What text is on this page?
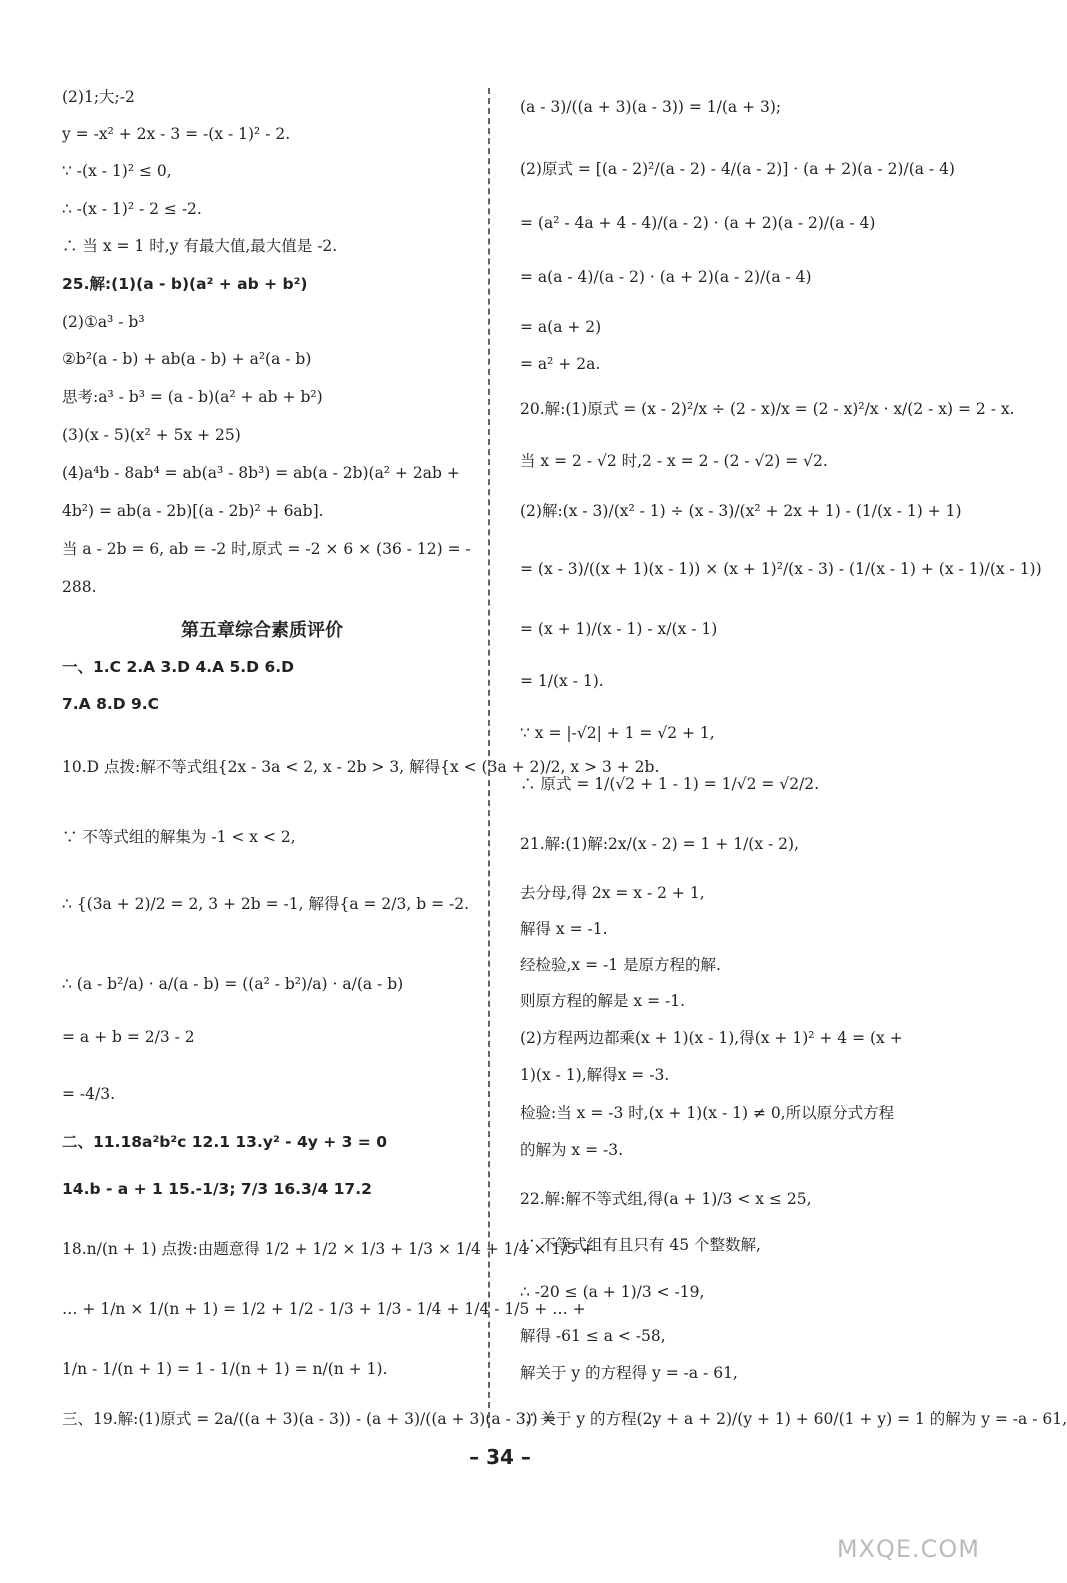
(2)1;大;-2
y = -x² + 2x - 3 = -(x - 1)² - 2.
∵ -(x - 1)² ≤ 0,
∴ -(x - 1)² - 2 ≤ -2.
∴ 当 x = 1 时,y 有最大值,最大值是 -2.
25.解:(1)(a - b)(a² + ab + b²)
(2)①a³ - b³
②b²(a - b) + ab(a - b) + a²(a - b)
思考:a³ - b³ = (a - b)(a² + ab + b²)
(3)(x - 5)(x² + 5x + 25)
(4)a⁴b - 8ab⁴ = ab(a³ - 8b³) = ab(a - 2b)(a² + 2ab +
4b²) = ab(a - 2b)[(a - 2b)² + 6ab].
当 a - 2b = 6, ab = -2 时,原式 = -2 × 6 × (36 - 12) = -
288.
第五章综合素质评价
一、1.C 2.A 3.D 4.A 5.D 6.D
7.A 8.D 9.C
10.D 点拨:解不等式组{2x - 3a < 2, x - 2b > 3, 解得{x < (3a + 2)/2, x > 3 + 2b.
∵ 不等式组的解集为 -1 < x < 2,
∴ {(3a + 2)/2 = 2, 3 + 2b = -1, 解得{a = 2/3, b = -2.
∴ (a - b²/a) · a/(a - b) = ((a² - b²)/a) · a/(a - b)
= a + b = 2/3 - 2
= -4/3.
二、11.18a²b²c 12.1 13.y² - 4y + 3 = 0
14.b - a + 1 15.-1/3; 7/3 16.3/4 17.2
18.n/(n + 1) 点拨:由题意得 1/2 + 1/2 × 1/3 + 1/3 × 1/4 + 1/4 × 1/5 +
… + 1/n × 1/(n + 1) = 1/2 + 1/2 - 1/3 + 1/3 - 1/4 + 1/4 - 1/5 + … +
1/n - 1/(n + 1) = 1 - 1/(n + 1) = n/(n + 1).
三、19.解:(1)原式 = 2a/((a + 3)(a - 3)) - (a + 3)/((a + 3)(a - 3)) =
(a - 3)/((a + 3)(a - 3)) = 1/(a + 3);
(2)原式 = [(a - 2)²/(a - 2) - 4/(a - 2)] · (a + 2)(a - 2)/(a - 4)
= (a² - 4a + 4 - 4)/(a - 2) · (a + 2)(a - 2)/(a - 4)
= a(a - 4)/(a - 2) · (a + 2)(a - 2)/(a - 4)
= a(a + 2)
= a² + 2a.
20.解:(1)原式 = (x - 2)²/x ÷ (2 - x)/x = (2 - x)²/x · x/(2 - x) = 2 - x.
当 x = 2 - √2 时,2 - x = 2 - (2 - √2) = √2.
(2)解:(x - 3)/(x² - 1) ÷ (x - 3)/(x² + 2x + 1) - (1/(x - 1) + 1)
= (x - 3)/((x + 1)(x - 1)) × (x + 1)²/(x - 3) - (1/(x - 1) + (x - 1)/(x - 1))
= (x + 1)/(x - 1) - x/(x - 1)
= 1/(x - 1).
∵ x = |-√2| + 1 = √2 + 1,
∴ 原式 = 1/(√2 + 1 - 1) = 1/√2 = √2/2.
21.解:(1)解:2x/(x - 2) = 1 + 1/(x - 2),
去分母,得 2x = x - 2 + 1,
解得 x = -1.
经检验,x = -1 是原方程的解.
则原方程的解是 x = -1.
(2)方程两边都乘(x + 1)(x - 1),得(x + 1)² + 4 = (x +
1)(x - 1),解得x = -3.
检验:当 x = -3 时,(x + 1)(x - 1) ≠ 0,所以原分式方程
的解为 x = -3.
22.解:解不等式组,得(a + 1)/3 < x ≤ 25,
∵ 不等式组有且只有 45 个整数解,
∴ -20 ≤ (a + 1)/3 < -19,
解得 -61 ≤ a < -58,
解关于 y 的方程得 y = -a - 61,
∵ 关于 y 的方程(2y + a + 2)/(y + 1) + 60/(1 + y) = 1 的解为 y = -a - 61,
– 34 –
MXQE.COM
